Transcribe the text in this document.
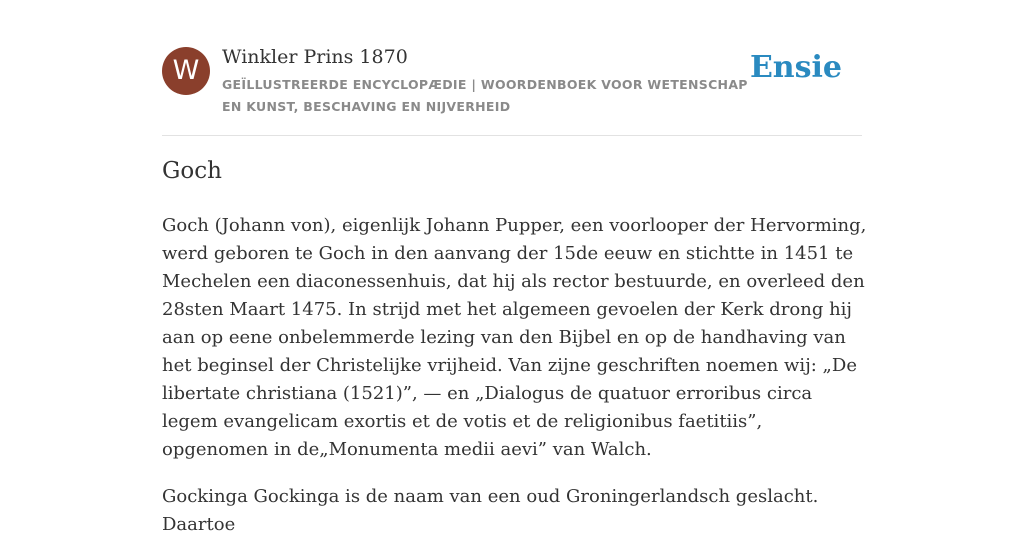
W	Winkler Prins 1870
GEÏLLUSTREERDE ENCYCLOPÆDIE | WOORDENBOEK VOOR WETENSCHAP EN KUNST, BESCHAVING EN NIJVERHEID
Ensie
Goch

Goch (Johann von), eigenlijk Johann Pupper, een voorlooper der Hervorming, werd geboren te Goch in den aanvang der 15de eeuw en stichtte in 1451 te Mechelen een diaconessenhuis, dat hij als rector bestuurde, en overleed den 28sten Maart 1475. In strijd met het algemeen gevoelen der Kerk drong hij aan op eene onbelemmerde lezing van den Bijbel en op de handhaving van het beginsel der Christelijke vrijheid. Van zijne geschriften noemen wij: „De libertate christiana (1521)”, — en „Dialogus de quatuor erroribus circa legem evangelicam exortis et de votis et de religionibus faetitiis”, opgenomen in de„Monumenta medii aevi” van Walch.

Gockinga Gockinga is de naam van een oud Groningerlandsch geslacht. Daartoe
